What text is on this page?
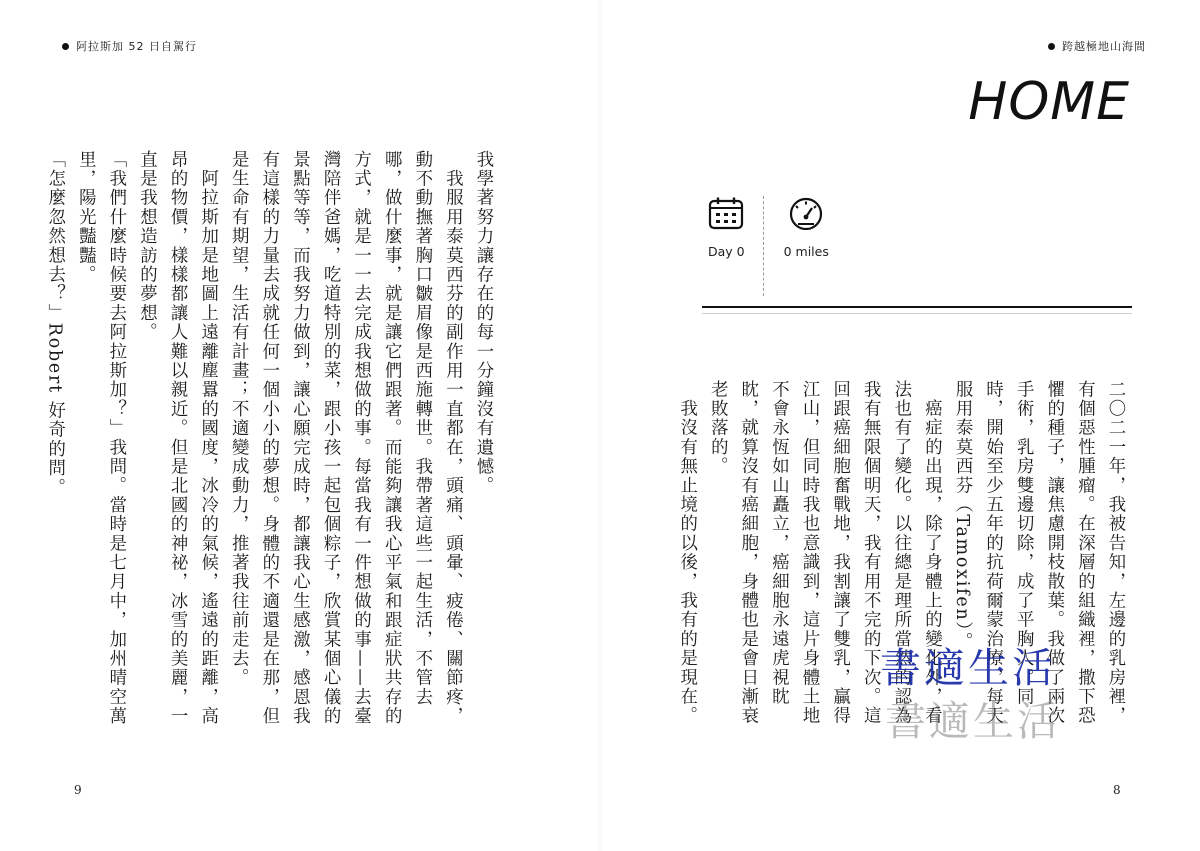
阿拉斯加 52 日自駕行
我學著努力讓存在的每一分鐘沒有遺憾。
　我服用泰莫西芬的副作用一直都在，頭痛、頭暈、疲倦、關節疼，動不動撫著胸口皺眉像是西施轉世。我帶著這些一起生活，不管去哪，做什麼事，就是讓它們跟著。而能夠讓我心平氣和跟症狀共存的方式，就是一一去完成我想做的事。每當我有一件想做的事——去臺灣陪伴爸媽，吃道特別的菜，跟小孩一起包個粽子，欣賞某個心儀的景點等等，而我努力做到，讓心願完成時，都讓我心生感激，感恩我有這樣的力量去成就任何一個小小的夢想。身體的不適還是在那，但是生命有期望，生活有計畫；不適變成動力，推著我往前走去。
　阿拉斯加是地圖上遠離塵囂的國度，冰冷的氣候，遙遠的距離，高昂的物價，樣樣都讓人難以親近。但是北國的神祕，冰雪的美麗，一直是我想造訪的夢想。
「我們什麼時候要去阿拉斯加？」我問。當時是七月中，加州晴空萬里，陽光豔豔。
「怎麼忽然想去？」Robert 好奇的問。
9
跨越極地山海間
HOME
Day 0	0 miles
二〇二一年，我被告知，左邊的乳房裡，有個惡性腫瘤。在深層的組織裡，撒下恐懼的種子，讓焦慮開枝散葉。我做了兩次手術，乳房雙邊切除，成了平胸人。同時，開始至少五年的抗荷爾蒙治療，每天服用泰莫西芬（Tamoxifen）。
　癌症的出現，除了身體上的變化外，看法也有了變化。以往總是理所當然的認為我有無限個明天，我有用不完的下次。這回跟癌細胞奮戰地，我割讓了雙乳，贏得江山，但同時我也意識到，這片身體土地不會永恆如山矗立，癌細胞永遠虎視眈眈，就算沒有癌細胞，身體也是會日漸衰老敗落的。
　我沒有無止境的以後，我有的是現在。	書適生活
書適生活
8
